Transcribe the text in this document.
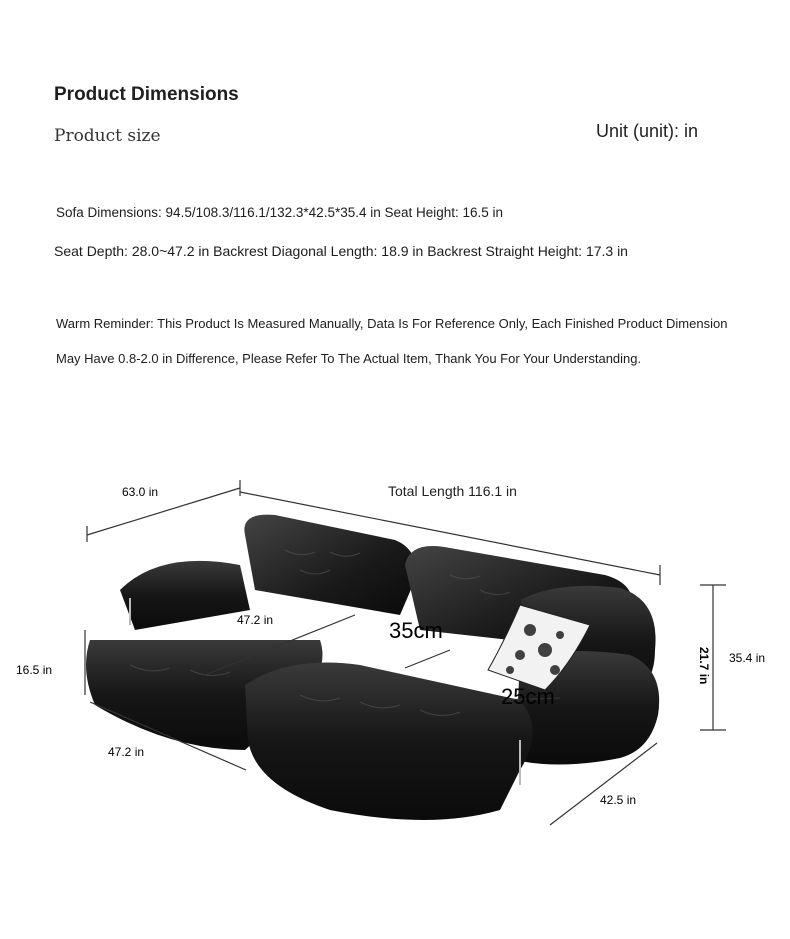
Product Dimensions
Product size	Unit (unit): in
Sofa Dimensions: 94.5/108.3/116.1/132.3*42.5*35.4 in Seat Height: 16.5 in
Seat Depth: 28.0~47.2 in Backrest Diagonal Length: 18.9 in Backrest Straight Height: 17.3 in
Warm Reminder: This Product Is Measured Manually, Data Is For Reference Only, Each Finished Product Dimension
May Have 0.8-2.0 in Difference, Please Refer To The Actual Item, Thank You For Your Understanding.
63.0 in	Total Length 116.1 in
47.2 in	35cm
25cm
16.5 in
47.2 in
42.5 in
35.4 in
21.7 in
